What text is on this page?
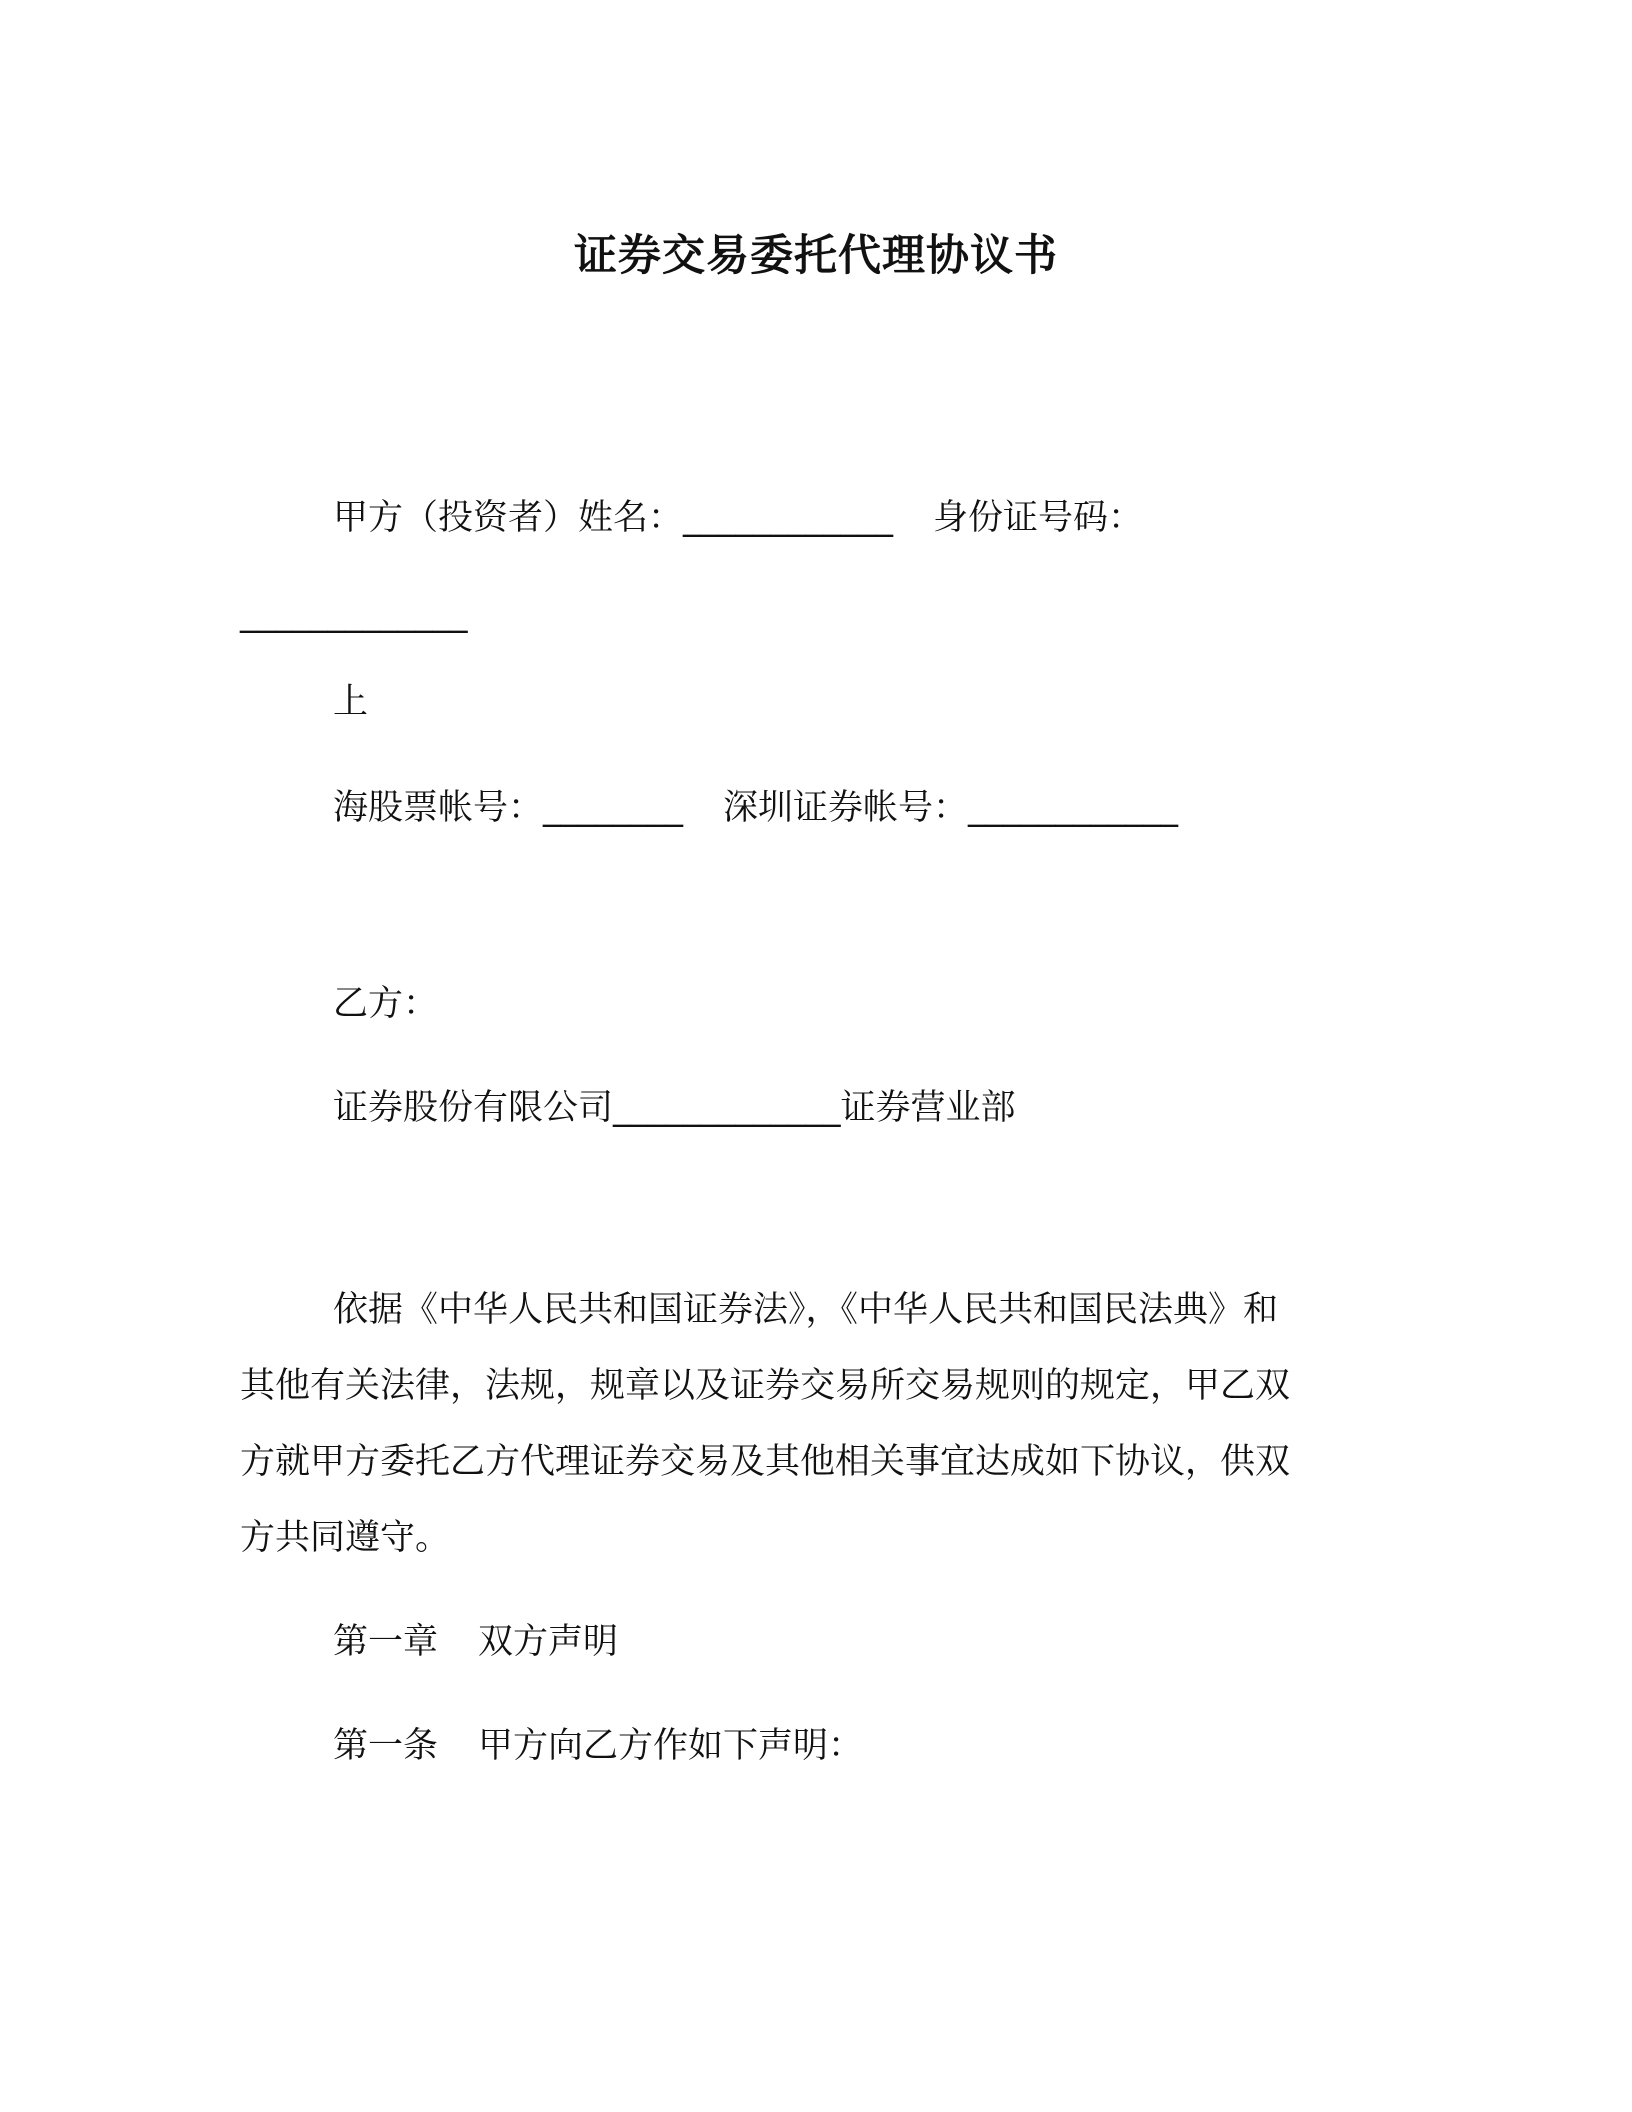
证券交易委托代理协议书
甲方（投资者）姓名：____________ 身份证号码：
_____________
上
海股票帐号：________ 深圳证券帐号：____________
乙方：
证券股份有限公司_____________证券营业部
依据《中华人民共和国证券法》，《中华人民共和国民法典》和
其他有关法律，法规，规章以及证券交易所交易规则的规定，甲乙双
方就甲方委托乙方代理证券交易及其他相关事宜达成如下协议，供双
方共同遵守。
第一章 双方声明
第一条 甲方向乙方作如下声明：
